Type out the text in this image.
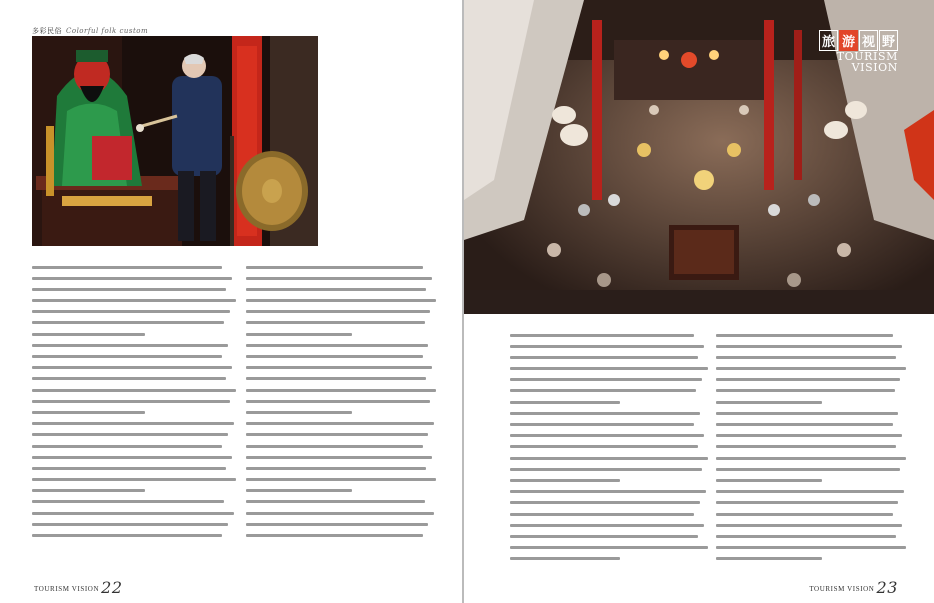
多彩民俗 Colorful folk custom
TOURISM VISION 22
旅 游 视 野
TOURISM
VISION
TOURISM VISION 23
